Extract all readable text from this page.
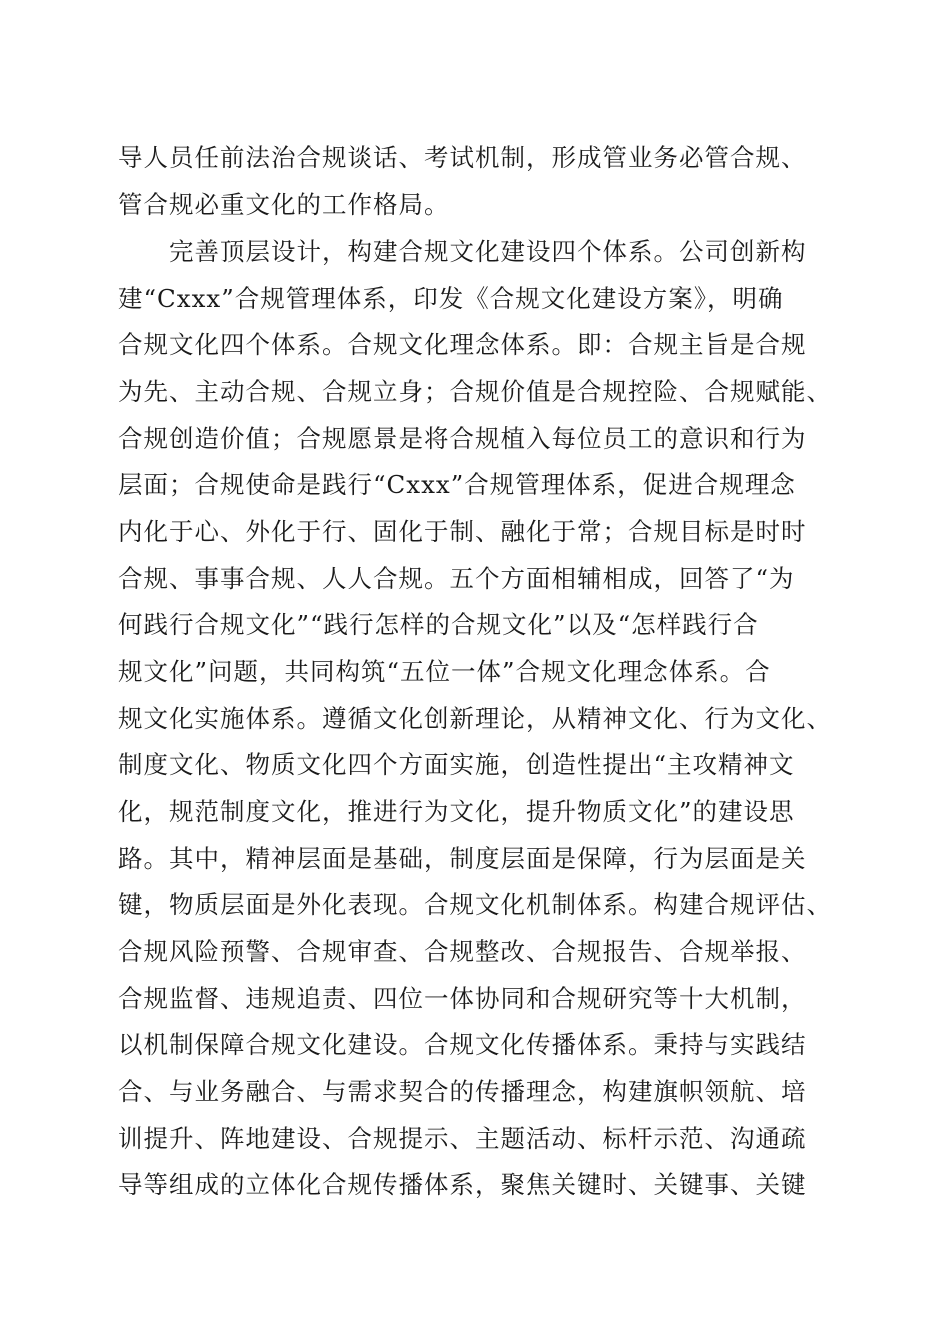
导人员任前法治合规谈话、考试机制，形成管业务必管合规、
管合规必重文化的工作格局。
　　完善顶层设计，构建合规文化建设四个体系。公司创新构
建“Cxxx”合规管理体系，印发《合规文化建设方案》，明确
合规文化四个体系。合规文化理念体系。即：合规主旨是合规
为先、主动合规、合规立身；合规价值是合规控险、合规赋能、
合规创造价值；合规愿景是将合规植入每位员工的意识和行为
层面；合规使命是践行“Cxxx”合规管理体系，促进合规理念
内化于心、外化于行、固化于制、融化于常；合规目标是时时
合规、事事合规、人人合规。五个方面相辅相成，回答了“为
何践行合规文化”“践行怎样的合规文化”以及“怎样践行合
规文化”问题，共同构筑“五位一体”合规文化理念体系。合
规文化实施体系。遵循文化创新理论，从精神文化、行为文化、
制度文化、物质文化四个方面实施，创造性提出“主攻精神文
化，规范制度文化，推进行为文化，提升物质文化”的建设思
路。其中，精神层面是基础，制度层面是保障，行为层面是关
键，物质层面是外化表现。合规文化机制体系。构建合规评估、
合规风险预警、合规审查、合规整改、合规报告、合规举报、
合规监督、违规追责、四位一体协同和合规研究等十大机制，
以机制保障合规文化建设。合规文化传播体系。秉持与实践结
合、与业务融合、与需求契合的传播理念，构建旗帜领航、培
训提升、阵地建设、合规提示、主题活动、标杆示范、沟通疏
导等组成的立体化合规传播体系，聚焦关键时、关键事、关键
